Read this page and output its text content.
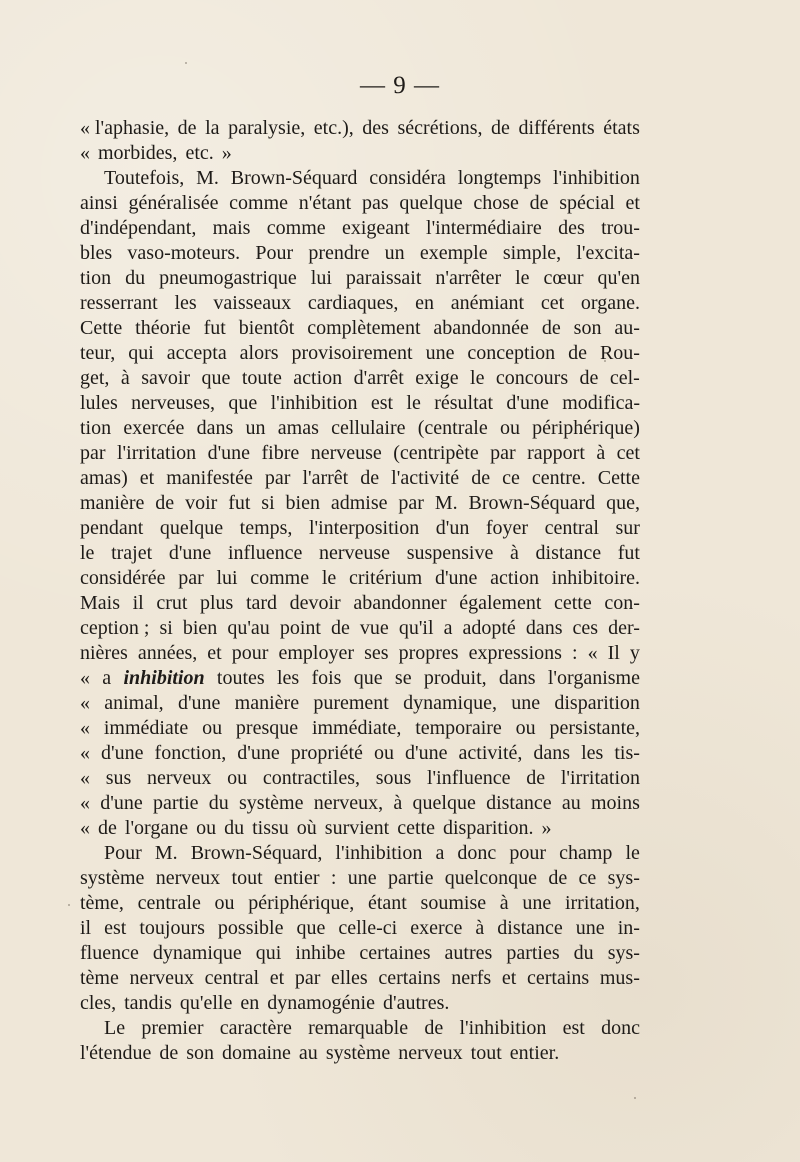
— 9 —
« l'aphasie, de la paralysie, etc.), des sécrétions, de différents états
« morbides, etc. »
Toutefois, M. Brown-Séquard considéra longtemps l'inhibition
ainsi généralisée comme n'étant pas quelque chose de spécial et
d'indépendant, mais comme exigeant l'intermédiaire des trou-
bles vaso-moteurs. Pour prendre un exemple simple, l'excita-
tion du pneumogastrique lui paraissait n'arrêter le cœur qu'en
resserrant les vaisseaux cardiaques, en anémiant cet organe.
Cette théorie fut bientôt complètement abandonnée de son au-
teur, qui accepta alors provisoirement une conception de Rou-
get, à savoir que toute action d'arrêt exige le concours de cel-
lules nerveuses, que l'inhibition est le résultat d'une modifica-
tion exercée dans un amas cellulaire (centrale ou périphérique)
par l'irritation d'une fibre nerveuse (centripète par rapport à cet
amas) et manifestée par l'arrêt de l'activité de ce centre. Cette
manière de voir fut si bien admise par M. Brown-Séquard que,
pendant quelque temps, l'interposition d'un foyer central sur
le trajet d'une influence nerveuse suspensive à distance fut
considérée par lui comme le critérium d'une action inhibitoire.
Mais il crut plus tard devoir abandonner également cette con-
ception ; si bien qu'au point de vue qu'il a adopté dans ces der-
nières années, et pour employer ses propres expressions : « Il y
« a inhibition toutes les fois que se produit, dans l'organisme
« animal, d'une manière purement dynamique, une disparition
« immédiate ou presque immédiate, temporaire ou persistante,
« d'une fonction, d'une propriété ou d'une activité, dans les tis-
« sus nerveux ou contractiles, sous l'influence de l'irritation
« d'une partie du système nerveux, à quelque distance au moins
« de l'organe ou du tissu où survient cette disparition. »
Pour M. Brown-Séquard, l'inhibition a donc pour champ le
système nerveux tout entier : une partie quelconque de ce sys-
tème, centrale ou périphérique, étant soumise à une irritation,
il est toujours possible que celle-ci exerce à distance une in-
fluence dynamique qui inhibe certaines autres parties du sys-
tème nerveux central et par elles certains nerfs et certains mus-
cles, tandis qu'elle en dynamogénie d'autres.
Le premier caractère remarquable de l'inhibition est donc
l'étendue de son domaine au système nerveux tout entier.
